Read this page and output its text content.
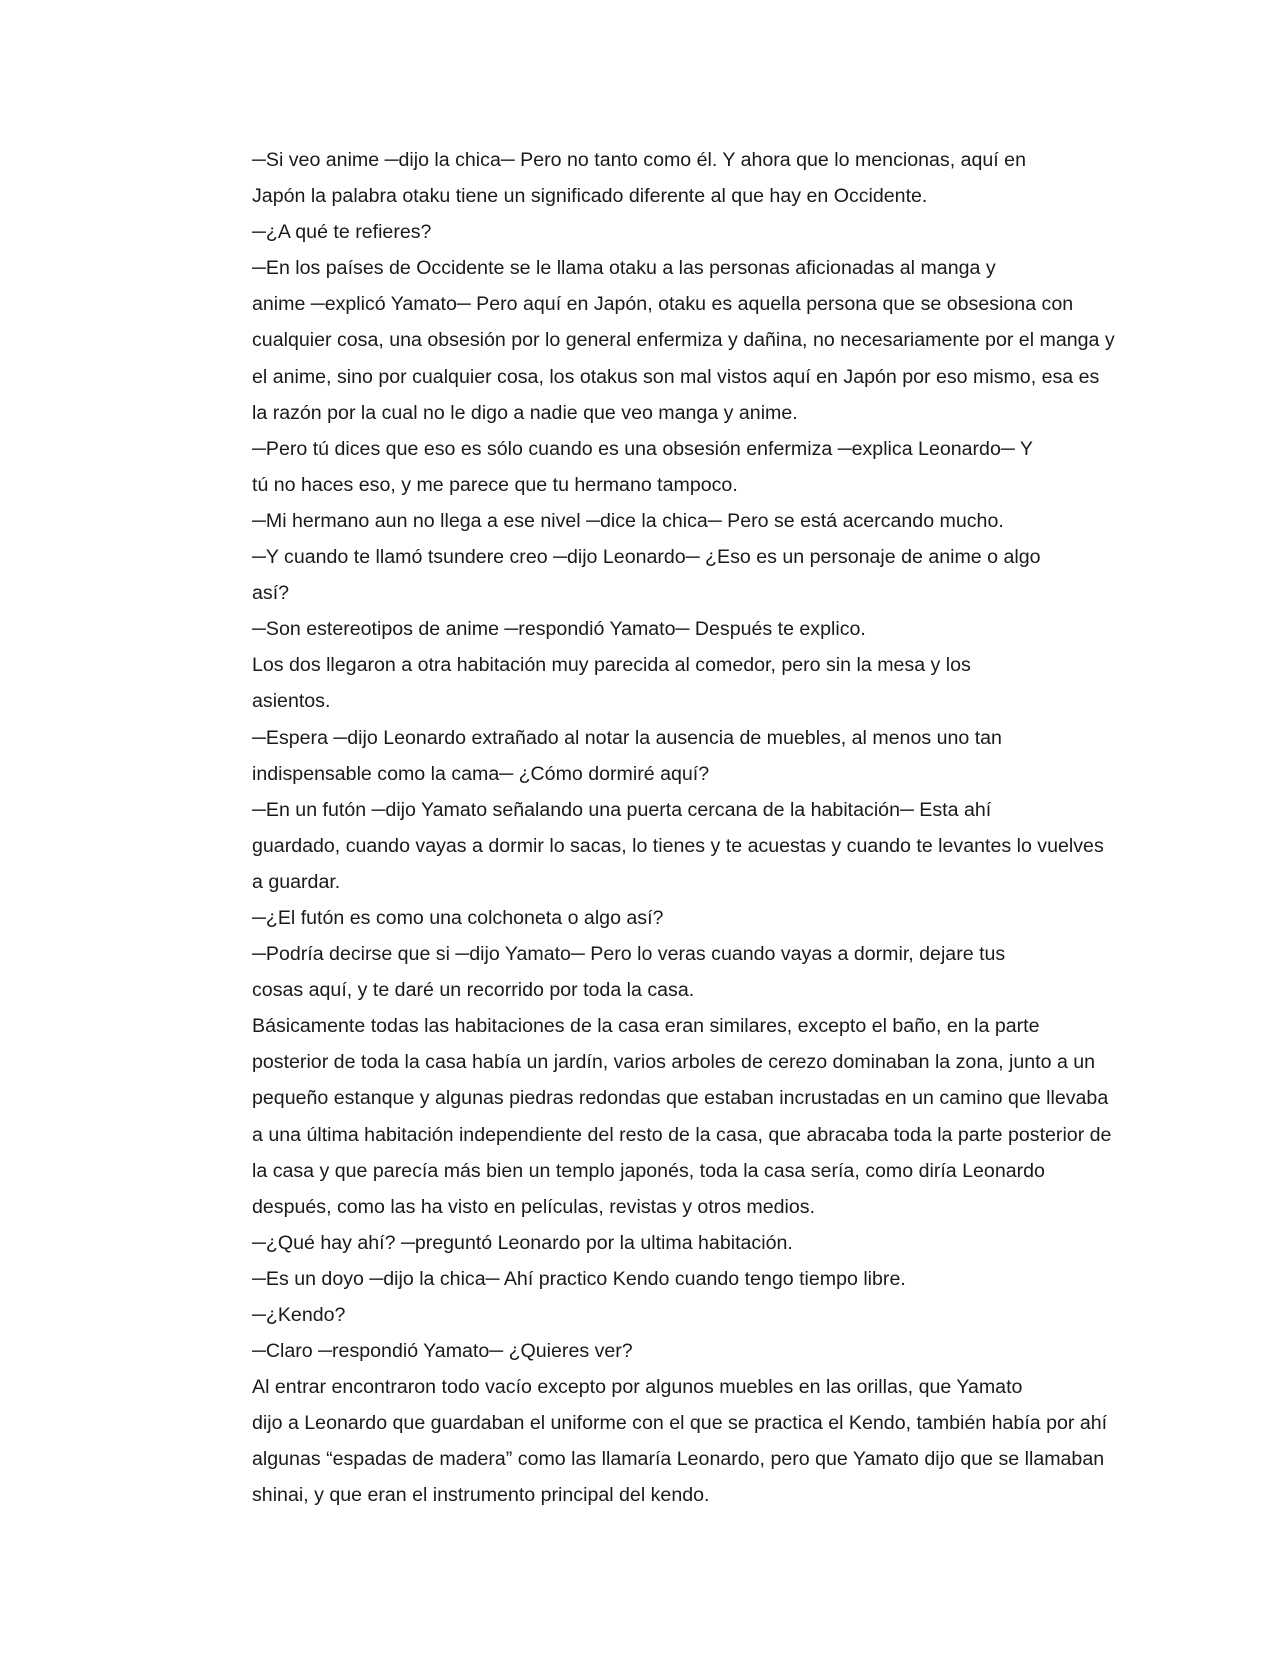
─Si veo anime ─dijo la chica─ Pero no tanto como él. Y ahora que lo mencionas, aquí en
Japón la palabra otaku tiene un significado diferente al que hay en Occidente.

─¿A qué te refieres?

─En los países de Occidente se le llama otaku a las personas aficionadas al manga y
anime ─explicó Yamato─ Pero aquí en Japón, otaku es aquella persona que se obsesiona con
cualquier cosa, una obsesión por lo general enfermiza y dañina, no necesariamente por el manga y
el anime, sino por cualquier cosa, los otakus son mal vistos aquí en Japón por eso mismo, esa es
la razón por la cual no le digo a nadie que veo manga y anime.

─Pero tú dices que eso es sólo cuando es una obsesión enfermiza ─explica Leonardo─ Y
tú no haces eso, y me parece que tu hermano tampoco.

─Mi hermano aun no llega a ese nivel ─dice la chica─ Pero se está acercando mucho.

─Y cuando te llamó tsundere creo ─dijo Leonardo─ ¿Eso es un personaje de anime o algo
así?

─Son estereotipos de anime ─respondió Yamato─ Después te explico.

Los dos llegaron a otra habitación muy parecida al comedor, pero sin la mesa y los
asientos.

─Espera ─dijo Leonardo extrañado al notar la ausencia de muebles, al menos uno tan
indispensable como la cama─ ¿Cómo dormiré aquí?

─En un futón ─dijo Yamato señalando una puerta cercana de la habitación─ Esta ahí
guardado, cuando vayas a dormir lo sacas, lo tienes y te acuestas y cuando te levantes lo vuelves
a guardar.

─¿El futón es como una colchoneta o algo así?

─Podría decirse que si ─dijo Yamato─ Pero lo veras cuando vayas a dormir, dejare tus
cosas aquí, y te daré un recorrido por toda la casa.

Básicamente todas las habitaciones de la casa eran similares, excepto el baño, en la parte
posterior de toda la casa había un jardín, varios arboles de cerezo dominaban la zona, junto a un
pequeño estanque y algunas piedras redondas que estaban incrustadas en un camino que llevaba
a una última habitación independiente del resto de la casa, que abracaba toda la parte posterior de
la casa y que parecía más bien un templo japonés, toda la casa sería, como diría Leonardo
después, como las ha visto en películas, revistas y otros medios.

─¿Qué hay ahí? ─preguntó Leonardo por la ultima habitación.

─Es un doyo ─dijo la chica─ Ahí practico Kendo cuando tengo tiempo libre.

─¿Kendo?

─Claro ─respondió Yamato─ ¿Quieres ver?

Al entrar encontraron todo vacío excepto por algunos muebles en las orillas, que Yamato
dijo a Leonardo que guardaban el uniforme con el que se practica el Kendo, también había por ahí
algunas “espadas de madera” como las llamaría Leonardo, pero que Yamato dijo que se llamaban
shinai, y que eran el instrumento principal del kendo.
